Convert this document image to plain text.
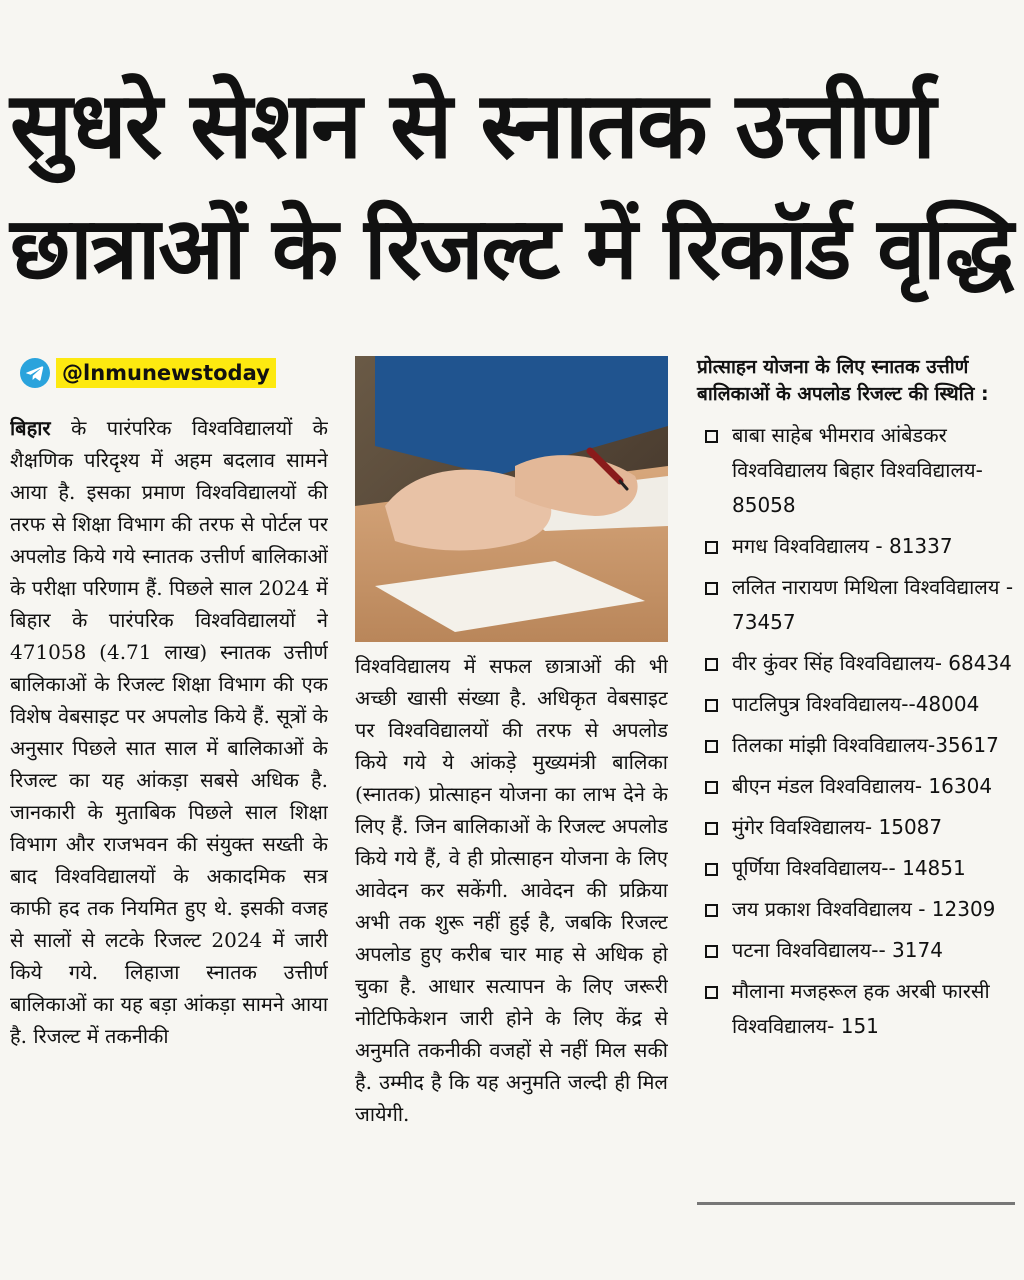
सुधरे सेशन से स्नातक उत्तीर्ण
छात्राओं के रिजल्ट में रिकॉर्ड वृद्धि
@lnmunewstoday

बिहार के पारंपरिक विश्वविद्यालयों के शैक्षणिक परिदृश्य में अहम बदलाव सामने आया है. इसका प्रमाण विश्वविद्यालयों की तरफ से शिक्षा विभाग की तरफ से पोर्टल पर अपलोड किये गये स्नातक उत्तीर्ण बालिकाओं के परीक्षा परिणाम हैं. पिछले साल 2024 में बिहार के पारंपरिक विश्वविद्यालयों ने 471058 (4.71 लाख) स्नातक उत्तीर्ण बालिकाओं के रिजल्ट शिक्षा विभाग की एक विशेष वेबसाइट पर अपलोड किये हैं. सूत्रों के अनुसार पिछले सात साल में बालिकाओं के रिजल्ट का यह आंकड़ा सबसे अधिक है. जानकारी के मुताबिक पिछले साल शिक्षा विभाग और राजभवन की संयुक्त सख्ती के बाद विश्वविद्यालयों के अकादमिक सत्र काफी हद तक नियमित हुए थे. इसकी वजह से सालों से लटके रिजल्ट 2024 में जारी किये गये. लिहाजा स्नातक उत्तीर्ण बालिकाओं का यह बड़ा आंकड़ा सामने आया है. रिजल्ट में तकनीकी

विश्वविद्यालय में सफल छात्राओं की भी अच्छी खासी संख्या है. अधिकृत वेबसाइट पर विश्वविद्यालयों की तरफ से अपलोड किये गये ये आंकड़े मुख्यमंत्री बालिका (स्नातक) प्रोत्साहन योजना का लाभ देने के लिए हैं. जिन बालिकाओं के रिजल्ट अपलोड किये गये हैं, वे ही प्रोत्साहन योजना के लिए आवेदन कर सकेंगी. आवेदन की प्रक्रिया अभी तक शुरू नहीं हुई है, जबकि रिजल्ट अपलोड हुए करीब चार माह से अधिक हो चुका है. आधार सत्यापन के लिए जरूरी नोटिफिकेशन जारी होने के लिए केंद्र से अनुमति तकनीकी वजहों से नहीं मिल सकी है. उम्मीद है कि यह अनुमति जल्दी ही मिल जायेगी.

प्रोत्साहन योजना के लिए स्नातक उत्तीर्ण बालिकाओं के अपलोड रिजल्ट की स्थिति :
बाबा साहेब भीमराव आंबेडकर विश्वविद्यालय बिहार विश्वविद्यालय- 85058
मगध विश्वविद्यालय - 81337
ललित नारायण मिथिला विश्वविद्यालय - 73457
वीर कुंवर सिंह विश्वविद्यालय- 68434
पाटलिपुत्र विश्वविद्यालय--48004
तिलका मांझी विश्वविद्यालय-35617
बीएन मंडल विश्वविद्यालय- 16304
मुंगेर विवश्विद्यालय- 15087
पूर्णिया विश्वविद्यालय-- 14851
जय प्रकाश विश्वविद्यालय - 12309
पटना विश्वविद्यालय-- 3174
मौलाना मजहरूल हक अरबी फारसी विश्वविद्यालय- 151
